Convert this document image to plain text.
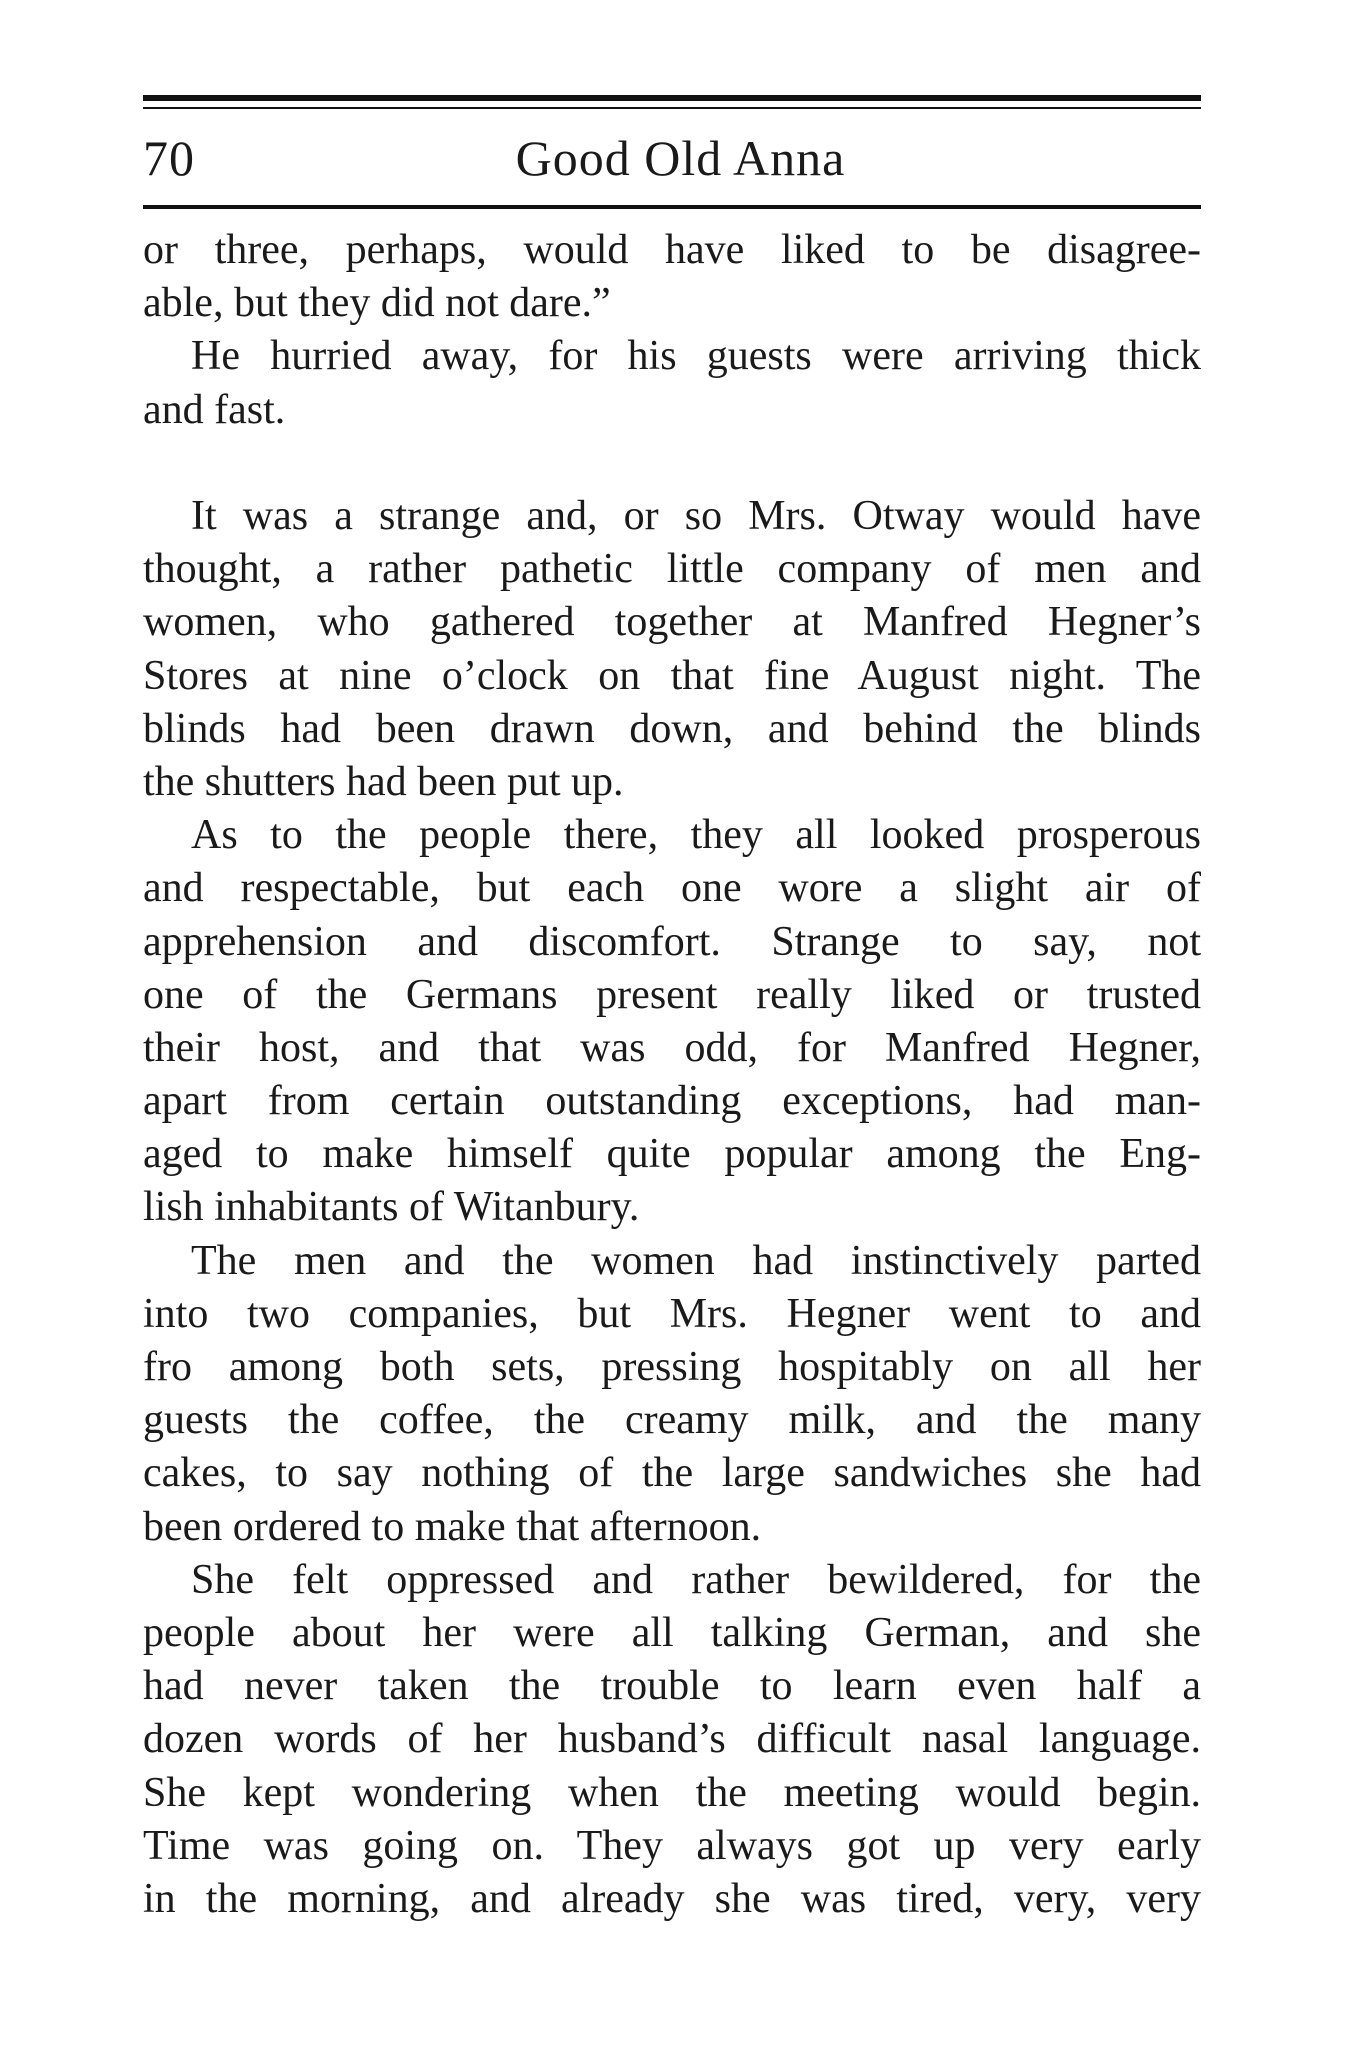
70	Good Old Anna
or three, perhaps, would have liked to be disagree-
able, but they did not dare.”
He hurried away, for his guests were arriving thick
and fast.
It was a strange and, or so Mrs. Otway would have
thought, a rather pathetic little company of men and
women, who gathered together at Manfred Hegner’s
Stores at nine o’clock on that fine August night. The
blinds had been drawn down, and behind the blinds
the shutters had been put up.
As to the people there, they all looked prosperous
and respectable, but each one wore a slight air of
apprehension and discomfort. Strange to say, not
one of the Germans present really liked or trusted
their host, and that was odd, for Manfred Hegner,
apart from certain outstanding exceptions, had man-
aged to make himself quite popular among the Eng-
lish inhabitants of Witanbury.
The men and the women had instinctively parted
into two companies, but Mrs. Hegner went to and
fro among both sets, pressing hospitably on all her
guests the coffee, the creamy milk, and the many
cakes, to say nothing of the large sandwiches she had
been ordered to make that afternoon.
She felt oppressed and rather bewildered, for the
people about her were all talking German, and she
had never taken the trouble to learn even half a
dozen words of her husband’s difficult nasal language.
She kept wondering when the meeting would begin.
Time was going on. They always got up very early
in the morning, and already she was tired, very, very
